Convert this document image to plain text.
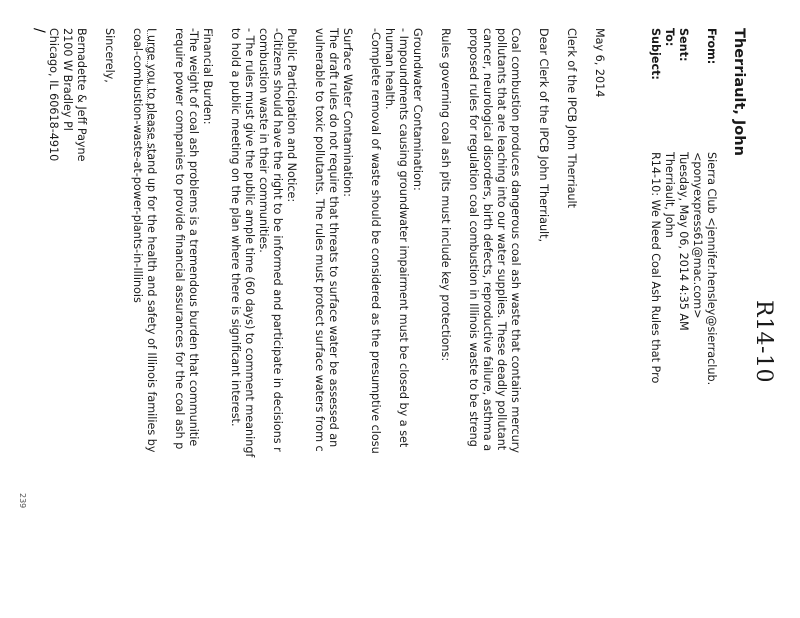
R14-10
Therriault, John
From:
Sierra Club <jennifer.hensley@sierraclub.
<ponyexpress61@mac.com>
Sent:
Tuesday, May 06, 2014 4:35 AM
To:
Therriault, John
Subject:
R14-10: We Need Coal Ash Rules that Pro
May 6, 2014
Clerk of the IPCB John Therriault
Dear Clerk of the IPCB John Therriault,
Coal combustion produces dangerous coal ash waste that contains mercury
pollutants that are leaching into our water supplies. These deadly pollutant
cancer, neurological disorders, birth defects, reproductive failure, asthma a
proposed rules for regulation coal combustion in Illinois waste to be streng
Rules governing coal ash pits must include key protections:
Groundwater Contamination:
- Impoundments causing groundwater impairment must be closed by a set
human health.
-Complete removal of waste should be considered as the presumptive closu
Surface Water Contamination:
The draft rules do not require that threats to surface water be assessed an
vulnerable to toxic pollutants. The rules must protect surface waters from c
Public Participation and Notice:
-Citizens should have the right to be informed and participate in decisions r
combustion waste in their communities.
- The rules must give the public ample time (60 days) to comment meaningf
to hold a public meeting on the plan where there is significant interest.
Financial Burden:
-The weight of coal ash problems is a tremendous burden that communitie
require power companies to provide financial assurances for the coal ash p
I urge you to please stand up for the health and safety of Illinois families by
coal-combustion-waste-at-power-plants-in-Illinois
Sincerely,
Bernadette & Jeff Payne
2100 W Bradley Pl
Chicago, IL 60618-4910
/
239
